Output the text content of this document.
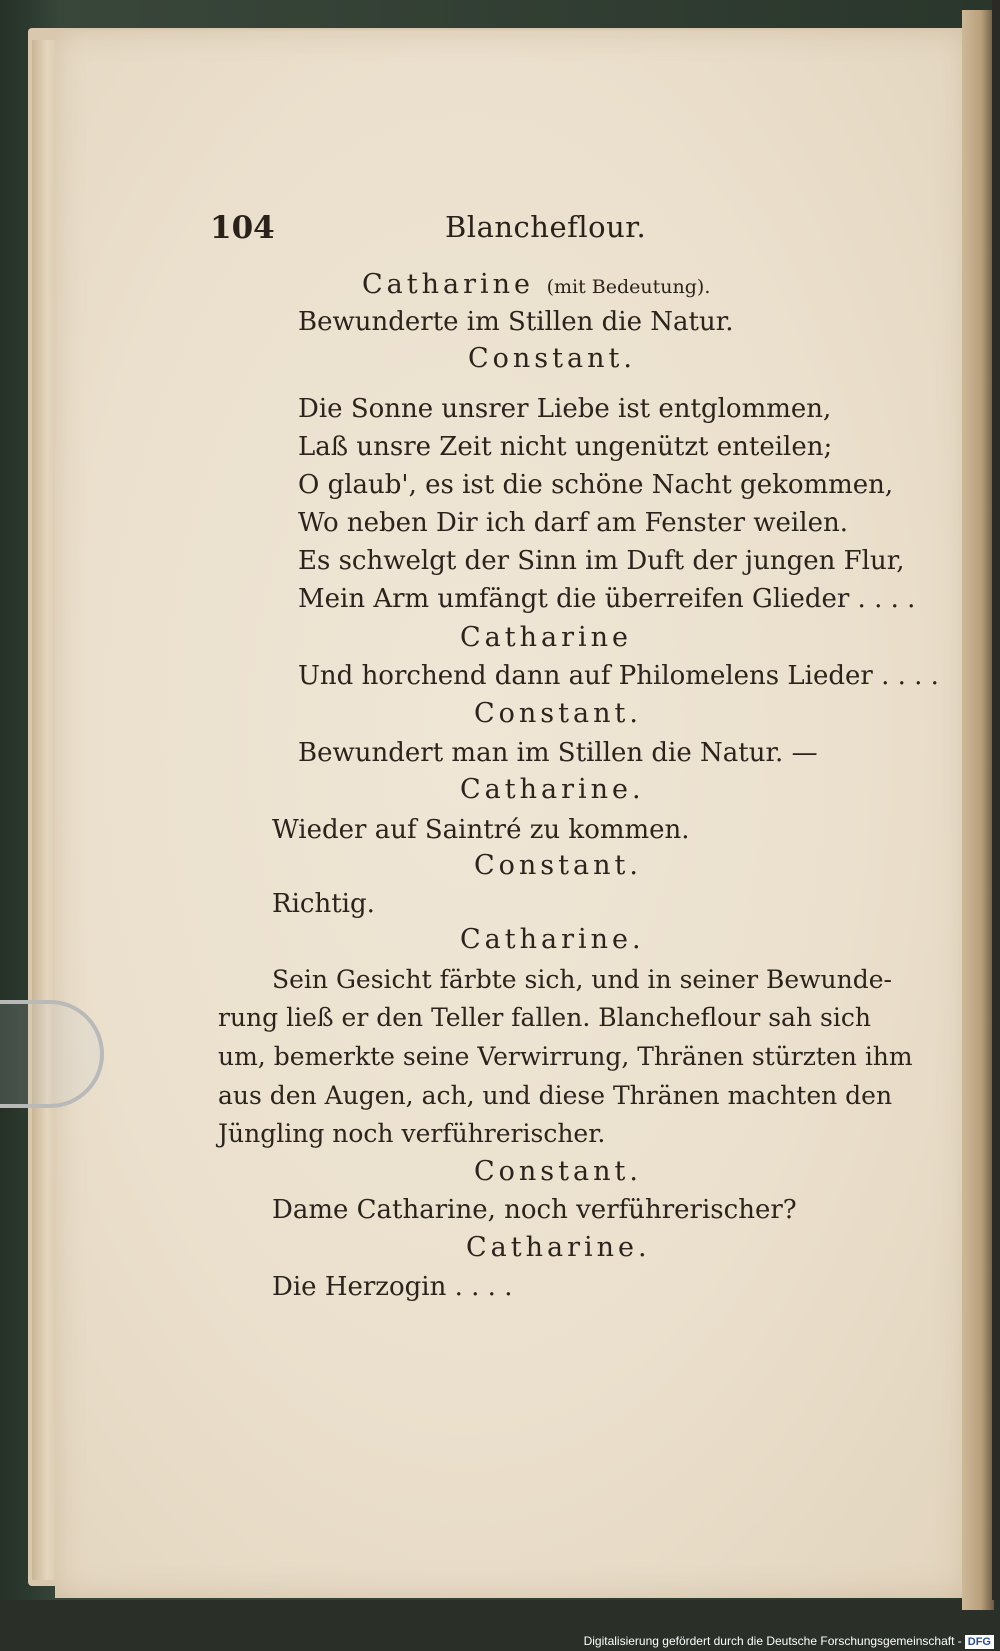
104	Blancheflour.
Catharine (mit Bedeutung).
Bewunderte im Stillen die Natur.
Constant.
Die Sonne unsrer Liebe ist entglommen,
Laß unsre Zeit nicht ungenützt enteilen;
O glaub', es ist die schöne Nacht gekommen,
Wo neben Dir ich darf am Fenster weilen.
Es schwelgt der Sinn im Duft der jungen Flur,
Mein Arm umfängt die überreifen Glieder . . . .
Catharine
Und horchend dann auf Philomelens Lieder . . . .
Constant.
Bewundert man im Stillen die Natur. —
Catharine.
Wieder auf Saintré zu kommen.
Constant.
Richtig.
Catharine.
Sein Gesicht färbte sich, und in seiner Bewunde-
rung ließ er den Teller fallen. Blancheflour sah sich
um, bemerkte seine Verwirrung, Thränen stürzten ihm
aus den Augen, ach, und diese Thränen machten den
Jüngling noch verführerischer.
Constant.
Dame Catharine, noch verführerischer?
Catharine.
Die Herzogin . . . .
Digitalisierung gefördert durch die Deutsche Forschungsgemeinschaft - DFG
